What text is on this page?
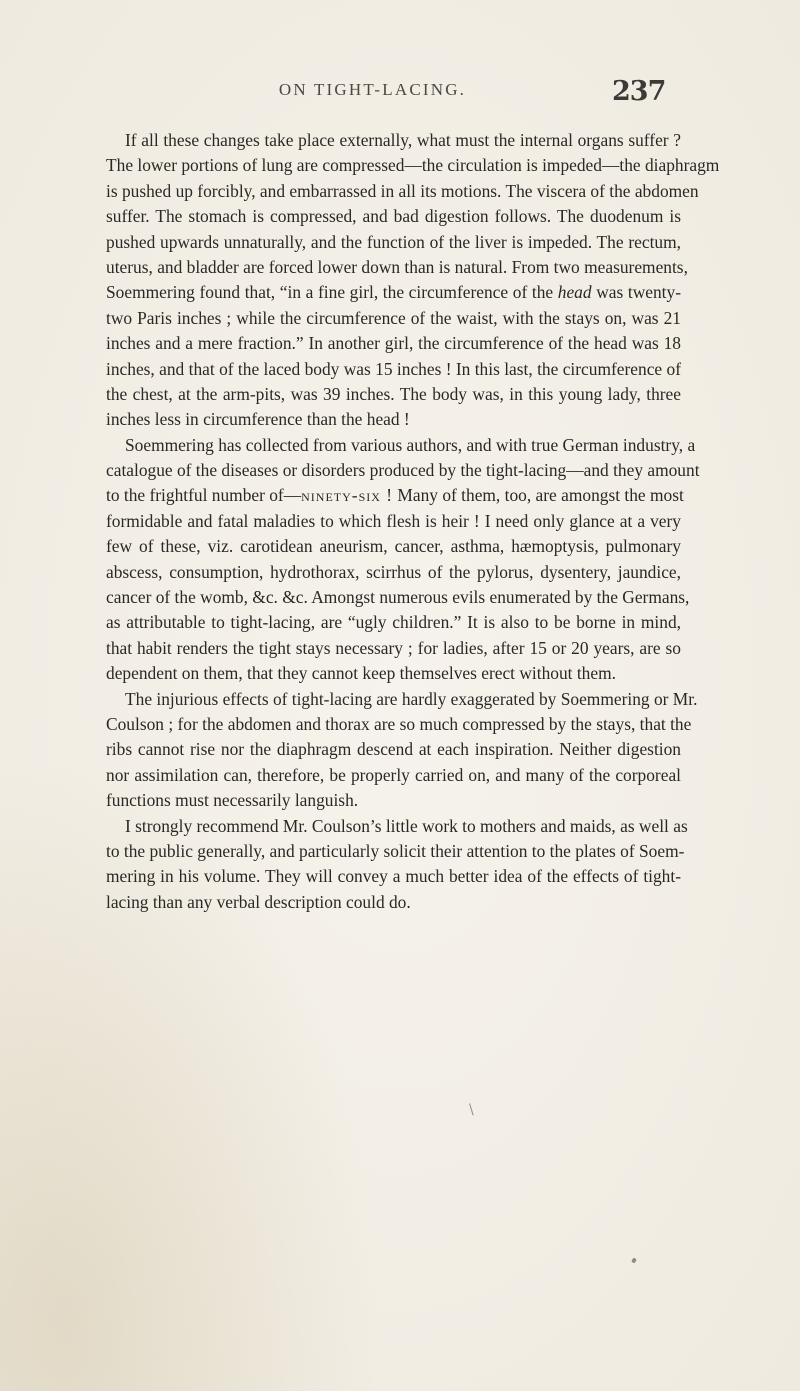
ON TIGHT-LACING.	237
If all these changes take place externally, what must the internal organs suffer ?
The lower portions of lung are compressed—the circulation is impeded—the diaphragm
is pushed up forcibly, and embarrassed in all its motions. The viscera of the abdomen
suffer. The stomach is compressed, and bad digestion follows. The duodenum is
pushed upwards unnaturally, and the function of the liver is impeded. The rectum,
uterus, and bladder are forced lower down than is natural. From two measurements,
Soemmering found that, “in a fine girl, the circumference of the head was twenty-
two Paris inches ; while the circumference of the waist, with the stays on, was 21
inches and a mere fraction.” In another girl, the circumference of the head was 18
inches, and that of the laced body was 15 inches ! In this last, the circumference of
the chest, at the arm-pits, was 39 inches. The body was, in this young lady, three
inches less in circumference than the head !
Soemmering has collected from various authors, and with true German industry, a
catalogue of the diseases or disorders produced by the tight-lacing—and they amount
to the frightful number of—ninety-six ! Many of them, too, are amongst the most
formidable and fatal maladies to which flesh is heir ! I need only glance at a very
few of these, viz. carotidean aneurism, cancer, asthma, hæmoptysis, pulmonary
abscess, consumption, hydrothorax, scirrhus of the pylorus, dysentery, jaundice,
cancer of the womb, &c. &c. Amongst numerous evils enumerated by the Germans,
as attributable to tight-lacing, are “ugly children.” It is also to be borne in mind,
that habit renders the tight stays necessary ; for ladies, after 15 or 20 years, are so
dependent on them, that they cannot keep themselves erect without them.
The injurious effects of tight-lacing are hardly exaggerated by Soemmering or Mr.
Coulson ; for the abdomen and thorax are so much compressed by the stays, that the
ribs cannot rise nor the diaphragm descend at each inspiration. Neither digestion
nor assimilation can, therefore, be properly carried on, and many of the corporeal
functions must necessarily languish.
I strongly recommend Mr. Coulson’s little work to mothers and maids, as well as
to the public generally, and particularly solicit their attention to the plates of Soem-
mering in his volume. They will convey a much better idea of the effects of tight-
lacing than any verbal description could do.
\
